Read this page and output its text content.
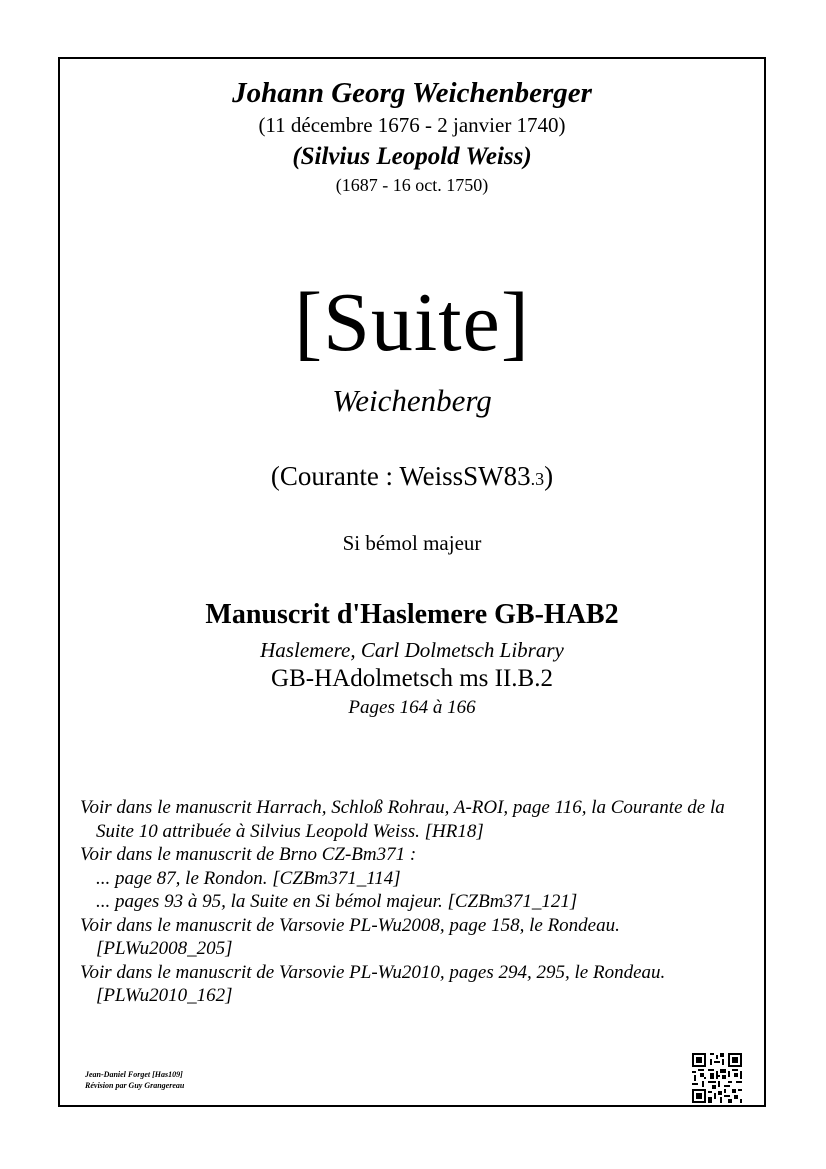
Johann Georg Weichenberger
(11 décembre 1676 - 2 janvier 1740)
(Silvius Leopold Weiss)
(1687 - 16 oct. 1750)
[Suite]
Weichenberg
(Courante : WeissSW83.3)
Si bémol majeur
Manuscrit d'Haslemere GB-HAB2
Haslemere, Carl Dolmetsch Library
GB-HAdolmetsch ms II.B.2
Pages 164 à 166

Voir dans le manuscrit Harrach, Schloß Rohrau, A-ROI, page 116, la Courante de la Suite 10 attribuée à Silvius Leopold Weiss. [HR18]

Voir dans le manuscrit de Brno CZ-Bm371 :

... page 87, le Rondon. [CZBm371_114]

... pages 93 à 95, la Suite en Si bémol majeur. [CZBm371_121]

Voir dans le manuscrit de Varsovie PL-Wu2008, page 158, le Rondeau. [PLWu2008_205]

Voir dans le manuscrit de Varsovie PL-Wu2010, pages 294, 295, le Rondeau. [PLWu2010_162]

Jean-Daniel Forget [Has109]
Révision par Guy Grangereau
